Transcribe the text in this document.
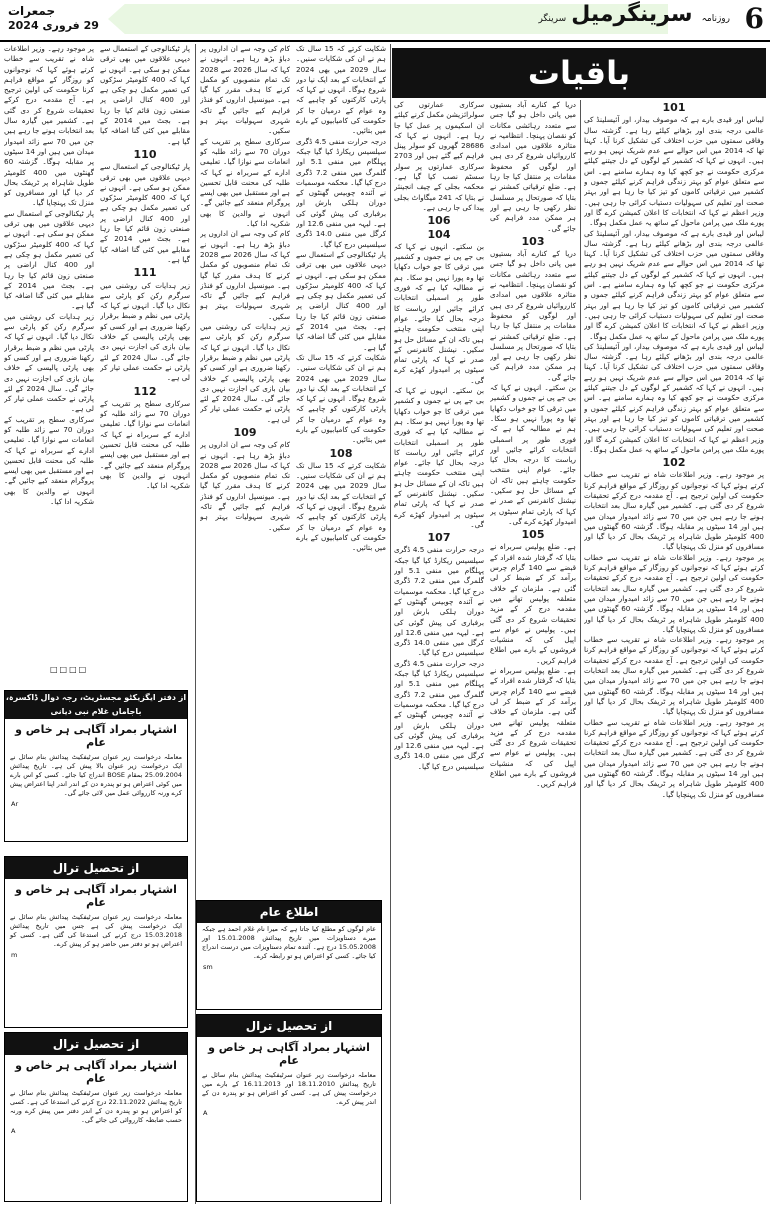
جمعرات
29 فروری 2024	روزنامہ سرینگرمیل سرینگر	6
باقیات
101

لیباس اور قیدی بارے ہے کہ موصوف بیدار، اور آئیسلینڈ کی عالمی درجہ بندی اور بڑھانے کیلئے رہا ہے۔ گزشتہ سال وفاقی سمتوں میں حزب اختلاف کی تشکیل کرنا آیا۔ کہنا تھا کہ 2014 میں اس حوالے سے عدم شریک نہیں ہو رہے ہیں۔ انہوں نے کہا کہ کشمیر کے لوگوں کے دل جیتنے کیلئے مرکزی حکومت نے جو کچھ کیا وہ ہمارے سامنے ہے۔ اس سے متعلق عوام کو بہتر زندگی فراہم کرنے کیلئے جموں و کشمیر میں ترقیاتی کاموں کو تیز کیا جا رہا ہے اور بہتر صحت اور تعلیم کی سہولیات دستیاب کرائی جا رہی ہیں۔ وزیر اعظم نے کہا کہ انتخابات کا اعلان کمیشن کرے گا اور پورے ملک میں پرامن ماحول کے ساتھ یہ عمل مکمل ہوگا۔

لیباس اور قیدی بارے ہے کہ موصوف بیدار، اور آئیسلینڈ کی عالمی درجہ بندی اور بڑھانے کیلئے رہا ہے۔ گزشتہ سال وفاقی سمتوں میں حزب اختلاف کی تشکیل کرنا آیا۔ کہنا تھا کہ 2014 میں اس حوالے سے عدم شریک نہیں ہو رہے ہیں۔ انہوں نے کہا کہ کشمیر کے لوگوں کے دل جیتنے کیلئے مرکزی حکومت نے جو کچھ کیا وہ ہمارے سامنے ہے۔ اس سے متعلق عوام کو بہتر زندگی فراہم کرنے کیلئے جموں و کشمیر میں ترقیاتی کاموں کو تیز کیا جا رہا ہے اور بہتر صحت اور تعلیم کی سہولیات دستیاب کرائی جا رہی ہیں۔ وزیر اعظم نے کہا کہ انتخابات کا اعلان کمیشن کرے گا اور پورے ملک میں پرامن ماحول کے ساتھ یہ عمل مکمل ہوگا۔

لیباس اور قیدی بارے ہے کہ موصوف بیدار، اور آئیسلینڈ کی عالمی درجہ بندی اور بڑھانے کیلئے رہا ہے۔ گزشتہ سال وفاقی سمتوں میں حزب اختلاف کی تشکیل کرنا آیا۔ کہنا تھا کہ 2014 میں اس حوالے سے عدم شریک نہیں ہو رہے ہیں۔ انہوں نے کہا کہ کشمیر کے لوگوں کے دل جیتنے کیلئے مرکزی حکومت نے جو کچھ کیا وہ ہمارے سامنے ہے۔ اس سے متعلق عوام کو بہتر زندگی فراہم کرنے کیلئے جموں و کشمیر میں ترقیاتی کاموں کو تیز کیا جا رہا ہے اور بہتر صحت اور تعلیم کی سہولیات دستیاب کرائی جا رہی ہیں۔ وزیر اعظم نے کہا کہ انتخابات کا اعلان کمیشن کرے گا اور پورے ملک میں پرامن ماحول کے ساتھ یہ عمل مکمل ہوگا۔

102

پر موجود رہے۔ وزیر اطلاعات شاہ نے تقریب سے خطاب کرتے ہوئے کہا کہ نوجوانوں کو روزگار کے مواقع فراہم کرنا حکومت کی اولین ترجیح ہے۔ آج مقدمہ درج کرکے تحقیقات شروع کر دی گئی ہے۔ کشمیر میں گیارہ سال بعد انتخابات ہونے جا رہے ہیں جن میں 70 سے زائد امیدوار میدان میں ہیں اور 14 سیٹوں پر مقابلہ ہوگا۔ گزشتہ 60 گھنٹوں میں 400 کلومیٹر طویل شاہراہ پر ٹریفک بحال کر دیا گیا اور مسافروں کو منزل تک پہنچایا گیا۔

پر موجود رہے۔ وزیر اطلاعات شاہ نے تقریب سے خطاب کرتے ہوئے کہا کہ نوجوانوں کو روزگار کے مواقع فراہم کرنا حکومت کی اولین ترجیح ہے۔ آج مقدمہ درج کرکے تحقیقات شروع کر دی گئی ہے۔ کشمیر میں گیارہ سال بعد انتخابات ہونے جا رہے ہیں جن میں 70 سے زائد امیدوار میدان میں ہیں اور 14 سیٹوں پر مقابلہ ہوگا۔ گزشتہ 60 گھنٹوں میں 400 کلومیٹر طویل شاہراہ پر ٹریفک بحال کر دیا گیا اور مسافروں کو منزل تک پہنچایا گیا۔

پر موجود رہے۔ وزیر اطلاعات شاہ نے تقریب سے خطاب کرتے ہوئے کہا کہ نوجوانوں کو روزگار کے مواقع فراہم کرنا حکومت کی اولین ترجیح ہے۔ آج مقدمہ درج کرکے تحقیقات شروع کر دی گئی ہے۔ کشمیر میں گیارہ سال بعد انتخابات ہونے جا رہے ہیں جن میں 70 سے زائد امیدوار میدان میں ہیں اور 14 سیٹوں پر مقابلہ ہوگا۔ گزشتہ 60 گھنٹوں میں 400 کلومیٹر طویل شاہراہ پر ٹریفک بحال کر دیا گیا اور مسافروں کو منزل تک پہنچایا گیا۔

پر موجود رہے۔ وزیر اطلاعات شاہ نے تقریب سے خطاب کرتے ہوئے کہا کہ نوجوانوں کو روزگار کے مواقع فراہم کرنا حکومت کی اولین ترجیح ہے۔ آج مقدمہ درج کرکے تحقیقات شروع کر دی گئی ہے۔ کشمیر میں گیارہ سال بعد انتخابات ہونے جا رہے ہیں جن میں 70 سے زائد امیدوار میدان میں ہیں اور 14 سیٹوں پر مقابلہ ہوگا۔ گزشتہ 60 گھنٹوں میں 400 کلومیٹر طویل شاہراہ پر ٹریفک بحال کر دیا گیا اور مسافروں کو منزل تک پہنچایا گیا۔

دریا کے کنارے آباد بستیوں میں پانی داخل ہو گیا جس سے متعدد رہائشی مکانات کو نقصان پہنچا۔ انتظامیہ نے متاثرہ علاقوں میں امدادی کارروائیاں شروع کر دی ہیں اور لوگوں کو محفوظ مقامات پر منتقل کیا جا رہا ہے۔ ضلع ترقیاتی کمشنر نے بتایا کہ صورتحال پر مسلسل نظر رکھی جا رہی ہے اور ہر ممکن مدد فراہم کی جائے گی۔

103

دریا کے کنارے آباد بستیوں میں پانی داخل ہو گیا جس سے متعدد رہائشی مکانات کو نقصان پہنچا۔ انتظامیہ نے متاثرہ علاقوں میں امدادی کارروائیاں شروع کر دی ہیں اور لوگوں کو محفوظ مقامات پر منتقل کیا جا رہا ہے۔ ضلع ترقیاتی کمشنر نے بتایا کہ صورتحال پر مسلسل نظر رکھی جا رہی ہے اور ہر ممکن مدد فراہم کی جائے گی۔

بن سکتے۔ انہوں نے کہا کہ بی جے پی نے جموں و کشمیر میں ترقی کا جو خواب دکھایا تھا وہ پورا نہیں ہو سکا۔ ہم نے مطالبہ کیا ہے کہ فوری طور پر اسمبلی انتخابات کرائے جائیں اور ریاست کا درجہ بحال کیا جائے۔ عوام اپنی منتخب حکومت چاہتے ہیں تاکہ ان کے مسائل حل ہو سکیں۔ نیشنل کانفرنس کے صدر نے کہا کہ پارٹی تمام سیٹوں پر امیدوار کھڑے کرے گی۔

105

ہے۔ ضلع پولیس سربراہ نے بتایا کہ گرفتار شدہ افراد کے قبضے سے 140 گرام چرس برآمد کر کے ضبط کر لی گئی ہے۔ ملزمان کے خلاف متعلقہ پولیس تھانے میں مقدمہ درج کر کے مزید تحقیقات شروع کر دی گئی ہیں۔ پولیس نے عوام سے اپیل کی کہ منشیات فروشوں کے بارے میں اطلاع فراہم کریں۔

ہے۔ ضلع پولیس سربراہ نے بتایا کہ گرفتار شدہ افراد کے قبضے سے 140 گرام چرس برآمد کر کے ضبط کر لی گئی ہے۔ ملزمان کے خلاف متعلقہ پولیس تھانے میں مقدمہ درج کر کے مزید تحقیقات شروع کر دی گئی ہیں۔ پولیس نے عوام سے اپیل کی کہ منشیات فروشوں کے بارے میں اطلاع فراہم کریں۔

سرکاری عمارتوں کی سولرائزیشن مکمل کرنے کیلئے ان اسکیموں پر عمل کیا جا رہا ہے۔ انہوں نے کہا کہ 28686 گھروں کو سولر پینل فراہم کیے گئے ہیں اور 2703 سرکاری عمارتوں پر سولر سسٹم نصب کیا گیا ہے۔ محکمہ بجلی کے چیف انجینئر نے بتایا کہ 241 میگاواٹ بجلی پیدا کی جا رہی ہے۔

106
104

بن سکتے۔ انہوں نے کہا کہ بی جے پی نے جموں و کشمیر میں ترقی کا جو خواب دکھایا تھا وہ پورا نہیں ہو سکا۔ ہم نے مطالبہ کیا ہے کہ فوری طور پر اسمبلی انتخابات کرائے جائیں اور ریاست کا درجہ بحال کیا جائے۔ عوام اپنی منتخب حکومت چاہتے ہیں تاکہ ان کے مسائل حل ہو سکیں۔ نیشنل کانفرنس کے صدر نے کہا کہ پارٹی تمام سیٹوں پر امیدوار کھڑے کرے گی۔

بن سکتے۔ انہوں نے کہا کہ بی جے پی نے جموں و کشمیر میں ترقی کا جو خواب دکھایا تھا وہ پورا نہیں ہو سکا۔ ہم نے مطالبہ کیا ہے کہ فوری طور پر اسمبلی انتخابات کرائے جائیں اور ریاست کا درجہ بحال کیا جائے۔ عوام اپنی منتخب حکومت چاہتے ہیں تاکہ ان کے مسائل حل ہو سکیں۔ نیشنل کانفرنس کے صدر نے کہا کہ پارٹی تمام سیٹوں پر امیدوار کھڑے کرے گی۔

107

درجہ حرارت منفی 4.5 ڈگری سیلسیس ریکارڈ کیا گیا جبکہ پہلگام میں منفی 5.1 اور گلمرگ میں منفی 7.2 ڈگری درج کیا گیا۔ محکمہ موسمیات نے آئندہ چوبیس گھنٹوں کے دوران ہلکی بارش اور برفباری کی پیش گوئی کی ہے۔ لیہہ میں منفی 12.6 اور کرگل میں منفی 14.0 ڈگری سیلسیس درج کیا گیا۔

درجہ حرارت منفی 4.5 ڈگری سیلسیس ریکارڈ کیا گیا جبکہ پہلگام میں منفی 5.1 اور گلمرگ میں منفی 7.2 ڈگری درج کیا گیا۔ محکمہ موسمیات نے آئندہ چوبیس گھنٹوں کے دوران ہلکی بارش اور برفباری کی پیش گوئی کی ہے۔ لیہہ میں منفی 12.6 اور کرگل میں منفی 14.0 ڈگری سیلسیس درج کیا گیا۔

شکایت کرتے کہ 15 سال تک ہم نے ان کی شکایات سنیں۔ سال 2029 میں بھی 2024 کے انتخابات کے بعد ایک نیا دور شروع ہوگا۔ انہوں نے کہا کہ پارٹی کارکنوں کو چاہیے کہ وہ عوام کے درمیان جا کر حکومت کی کامیابیوں کے بارے میں بتائیں۔

درجہ حرارت منفی 4.5 ڈگری سیلسیس ریکارڈ کیا گیا جبکہ پہلگام میں منفی 5.1 اور گلمرگ میں منفی 7.2 ڈگری درج کیا گیا۔ محکمہ موسمیات نے آئندہ چوبیس گھنٹوں کے دوران ہلکی بارش اور برفباری کی پیش گوئی کی ہے۔ لیہہ میں منفی 12.6 اور کرگل میں منفی 14.0 ڈگری سیلسیس درج کیا گیا۔

پار ٹیکنالوجی کے استعمال سے دیہی علاقوں میں بھی ترقی ممکن ہو سکی ہے۔ انہوں نے کہا کہ 400 کلومیٹر سڑکوں کی تعمیر مکمل ہو چکی ہے اور 400 کنال اراضی پر صنعتی زون قائم کیا جا رہا ہے۔ بجٹ میں 2014 کے مقابلے میں کئی گنا اضافہ کیا گیا ہے۔

شکایت کرتے کہ 15 سال تک ہم نے ان کی شکایات سنیں۔ سال 2029 میں بھی 2024 کے انتخابات کے بعد ایک نیا دور شروع ہوگا۔ انہوں نے کہا کہ پارٹی کارکنوں کو چاہیے کہ وہ عوام کے درمیان جا کر حکومت کی کامیابیوں کے بارے میں بتائیں۔

108

شکایت کرتے کہ 15 سال تک ہم نے ان کی شکایات سنیں۔ سال 2029 میں بھی 2024 کے انتخابات کے بعد ایک نیا دور شروع ہوگا۔ انہوں نے کہا کہ پارٹی کارکنوں کو چاہیے کہ وہ عوام کے درمیان جا کر حکومت کی کامیابیوں کے بارے میں بتائیں۔

کام کی وجہ سے ان اداروں پر دباؤ بڑھ رہا ہے۔ انہوں نے کہا کہ سال 2026 سے 2028 تک تمام منصوبوں کو مکمل کرنے کا ہدف مقرر کیا گیا ہے۔ میونسپل اداروں کو فنڈز فراہم کیے جائیں گے تاکہ شہری سہولیات بہتر ہو سکیں۔

سرکاری سطح پر تقریب کے دوران 70 سے زائد طلبہ کو انعامات سے نوازا گیا۔ تعلیمی ادارے کے سربراہ نے کہا کہ طلبہ کی محنت قابل تحسین ہے اور مستقبل میں بھی ایسے پروگرام منعقد کیے جائیں گے۔ انہوں نے والدین کا بھی شکریہ ادا کیا۔

کام کی وجہ سے ان اداروں پر دباؤ بڑھ رہا ہے۔ انہوں نے کہا کہ سال 2026 سے 2028 تک تمام منصوبوں کو مکمل کرنے کا ہدف مقرر کیا گیا ہے۔ میونسپل اداروں کو فنڈز فراہم کیے جائیں گے تاکہ شہری سہولیات بہتر ہو سکیں۔

زیر ہدایات کی روشنی میں سرگرم رکن کو پارٹی سے نکال دیا گیا۔ انہوں نے کہا کہ پارٹی میں نظم و ضبط برقرار رکھنا ضروری ہے اور کسی کو بھی پارٹی پالیسی کے خلاف بیان بازی کی اجازت نہیں دی جائے گی۔ سال 2024 کے لئے پارٹی نے حکمت عملی تیار کر لی ہے۔

109

کام کی وجہ سے ان اداروں پر دباؤ بڑھ رہا ہے۔ انہوں نے کہا کہ سال 2026 سے 2028 تک تمام منصوبوں کو مکمل کرنے کا ہدف مقرر کیا گیا ہے۔ میونسپل اداروں کو فنڈز فراہم کیے جائیں گے تاکہ شہری سہولیات بہتر ہو سکیں۔

پار ٹیکنالوجی کے استعمال سے دیہی علاقوں میں بھی ترقی ممکن ہو سکی ہے۔ انہوں نے کہا کہ 400 کلومیٹر سڑکوں کی تعمیر مکمل ہو چکی ہے اور 400 کنال اراضی پر صنعتی زون قائم کیا جا رہا ہے۔ بجٹ میں 2014 کے مقابلے میں کئی گنا اضافہ کیا گیا ہے۔

110

پار ٹیکنالوجی کے استعمال سے دیہی علاقوں میں بھی ترقی ممکن ہو سکی ہے۔ انہوں نے کہا کہ 400 کلومیٹر سڑکوں کی تعمیر مکمل ہو چکی ہے اور 400 کنال اراضی پر صنعتی زون قائم کیا جا رہا ہے۔ بجٹ میں 2014 کے مقابلے میں کئی گنا اضافہ کیا گیا ہے۔

111

زیر ہدایات کی روشنی میں سرگرم رکن کو پارٹی سے نکال دیا گیا۔ انہوں نے کہا کہ پارٹی میں نظم و ضبط برقرار رکھنا ضروری ہے اور کسی کو بھی پارٹی پالیسی کے خلاف بیان بازی کی اجازت نہیں دی جائے گی۔ سال 2024 کے لئے پارٹی نے حکمت عملی تیار کر لی ہے۔

112

سرکاری سطح پر تقریب کے دوران 70 سے زائد طلبہ کو انعامات سے نوازا گیا۔ تعلیمی ادارے کے سربراہ نے کہا کہ طلبہ کی محنت قابل تحسین ہے اور مستقبل میں بھی ایسے پروگرام منعقد کیے جائیں گے۔ انہوں نے والدین کا بھی شکریہ ادا کیا۔

پر موجود رہے۔ وزیر اطلاعات شاہ نے تقریب سے خطاب کرتے ہوئے کہا کہ نوجوانوں کو روزگار کے مواقع فراہم کرنا حکومت کی اولین ترجیح ہے۔ آج مقدمہ درج کرکے تحقیقات شروع کر دی گئی ہے۔ کشمیر میں گیارہ سال بعد انتخابات ہونے جا رہے ہیں جن میں 70 سے زائد امیدوار میدان میں ہیں اور 14 سیٹوں پر مقابلہ ہوگا۔ گزشتہ 60 گھنٹوں میں 400 کلومیٹر طویل شاہراہ پر ٹریفک بحال کر دیا گیا اور مسافروں کو منزل تک پہنچایا گیا۔

پار ٹیکنالوجی کے استعمال سے دیہی علاقوں میں بھی ترقی ممکن ہو سکی ہے۔ انہوں نے کہا کہ 400 کلومیٹر سڑکوں کی تعمیر مکمل ہو چکی ہے اور 400 کنال اراضی پر صنعتی زون قائم کیا جا رہا ہے۔ بجٹ میں 2014 کے مقابلے میں کئی گنا اضافہ کیا گیا ہے۔

زیر ہدایات کی روشنی میں سرگرم رکن کو پارٹی سے نکال دیا گیا۔ انہوں نے کہا کہ پارٹی میں نظم و ضبط برقرار رکھنا ضروری ہے اور کسی کو بھی پارٹی پالیسی کے خلاف بیان بازی کی اجازت نہیں دی جائے گی۔ سال 2024 کے لئے پارٹی نے حکمت عملی تیار کر لی ہے۔

سرکاری سطح پر تقریب کے دوران 70 سے زائد طلبہ کو انعامات سے نوازا گیا۔ تعلیمی ادارے کے سربراہ نے کہا کہ طلبہ کی محنت قابل تحسین ہے اور مستقبل میں بھی ایسے پروگرام منعقد کیے جائیں گے۔ انہوں نے والدین کا بھی شکریہ ادا کیا۔

□□□□
از دفتر ایگزیکٹو مجسٹریٹ، رجہ دوال ڈاکسرہ، باجاماں غلام نبی دیانی
اشتہار بمراد آگاہی ہر خاص و عام
معاملہ درخواست زیر عنوان سرٹیفکیٹ پیدائش بنام سائل نے ایک درخواست زیر عنوان بالا پیش کی ہے۔ تاریخ پیدائش 25.09.2004 بمقام BOSE اندراج کیا جائے۔ کسی کو اس بارے میں کوئی اعتراض ہو تو پندرہ دن کے اندر اندر اپنا اعتراض پیش کرے ورنہ کارروائی عمل میں لائی جائے گی۔
Ar
از تحصیل ترال
اشتہار بمراد آگاہی ہر خاص و عام
معاملہ درخواست زیر عنوان سرٹیفکیٹ پیدائش بنام سائل نے ایک درخواست پیش کی ہے جس میں تاریخ پیدائش 15.03.2018 درج کرنے کی استدعا کی گئی ہے۔ کسی کو اعتراض ہو تو دفتر میں حاضر ہو کر پیش کرے۔
m
از تحصیل ترال
اشتہار بمراد آگاہی ہر خاص و عام
معاملہ درخواست زیر عنوان سرٹیفکیٹ پیدائش بنام سائل نے تاریخ پیدائش 22.11.2022 درج کرنے کی استدعا کی ہے۔ کسی کو اعتراض ہو تو پندرہ دن کے اندر دفتر میں پیش کرے ورنہ حسب ضابطہ کارروائی کی جائے گی۔
A
اطلاع عام
عام لوگوں کو مطلع کیا جاتا ہے کہ میرا نام غلام احمد ہے جبکہ میرے دستاویزات میں تاریخ پیدائش 15.01.2008 اور 15.05.2008 درج ہے۔ آئندہ تمام دستاویزات میں درست اندراج کیا جائے۔ کسی کو اعتراض ہو تو رابطہ کرے۔
sm
از تحصیل ترال
اشتہار بمراد آگاہی ہر خاص و عام
معاملہ درخواست زیر عنوان سرٹیفکیٹ پیدائش بنام سائل نے تاریخ پیدائش 18.11.2010 اور 16.11.2013 کے بارے میں درخواست پیش کی ہے۔ کسی کو اعتراض ہو تو پندرہ دن کے اندر پیش کرے۔
A
